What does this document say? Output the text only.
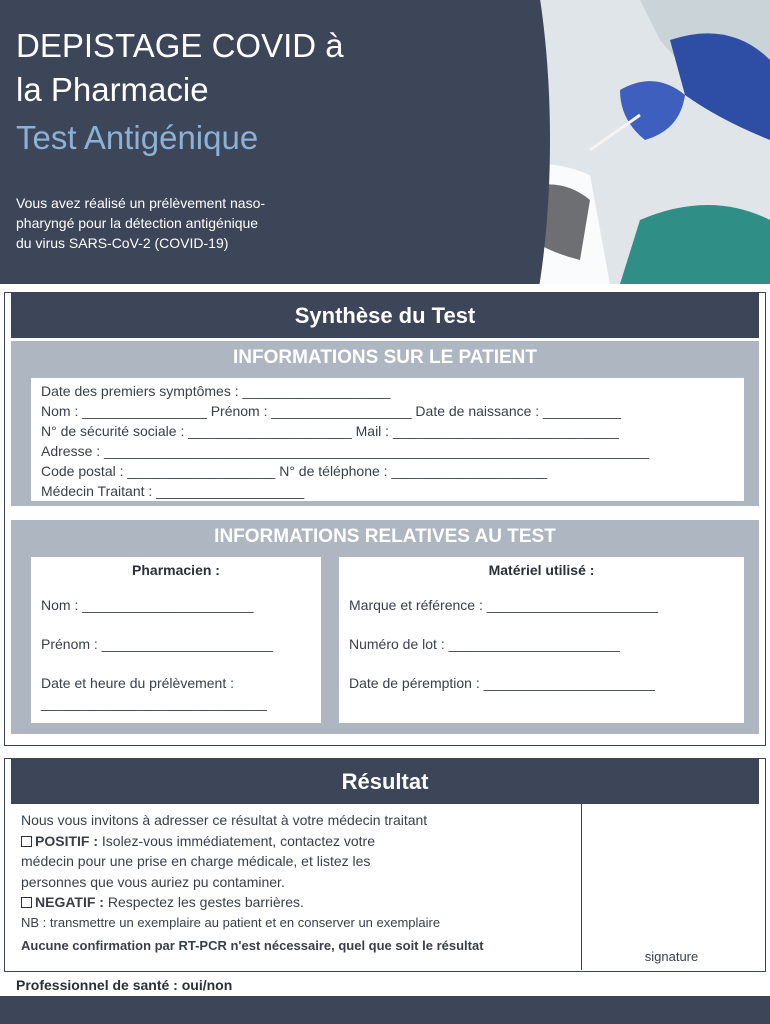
DEPISTAGE COVID à
la Pharmacie
Test Antigénique
Vous avez réalisé un prélèvement naso-
pharyngé pour la détection antigénique
du virus SARS-CoV-2 (COVID-19)
Synthèse du Test
INFORMATIONS SUR LE PATIENT
Date des premiers symptômes : ___________________
Nom : ________________ Prénom : __________________ Date de naissance : __________
N° de sécurité sociale : _____________________ Mail : _____________________________
Adresse : ______________________________________________________________________
Code postal : ___________________ N° de téléphone : ____________________
Médecin Traitant : ___________________
INFORMATIONS RELATIVES AU TEST
Pharmacien :
Nom : ______________________
Prénom : ______________________
Date et heure du prélèvement :
_____________________________
Matériel utilisé :
Marque et référence : ______________________
Numéro de lot : ______________________
Date de péremption : ______________________
Résultat
Nous vous invitons à adresser ce résultat à votre médecin traitant
POSITIF : Isolez-vous immédiatement, contactez votre
médecin pour une prise en charge médicale, et listez les
personnes que vous auriez pu contaminer.
NEGATIF : Respectez les gestes barrières.
NB : transmettre un exemplaire au patient et en conserver un exemplaire
Aucune confirmation par RT-PCR n'est nécessaire, quel que soit le résultat
signature
Professionnel de santé : oui/non
